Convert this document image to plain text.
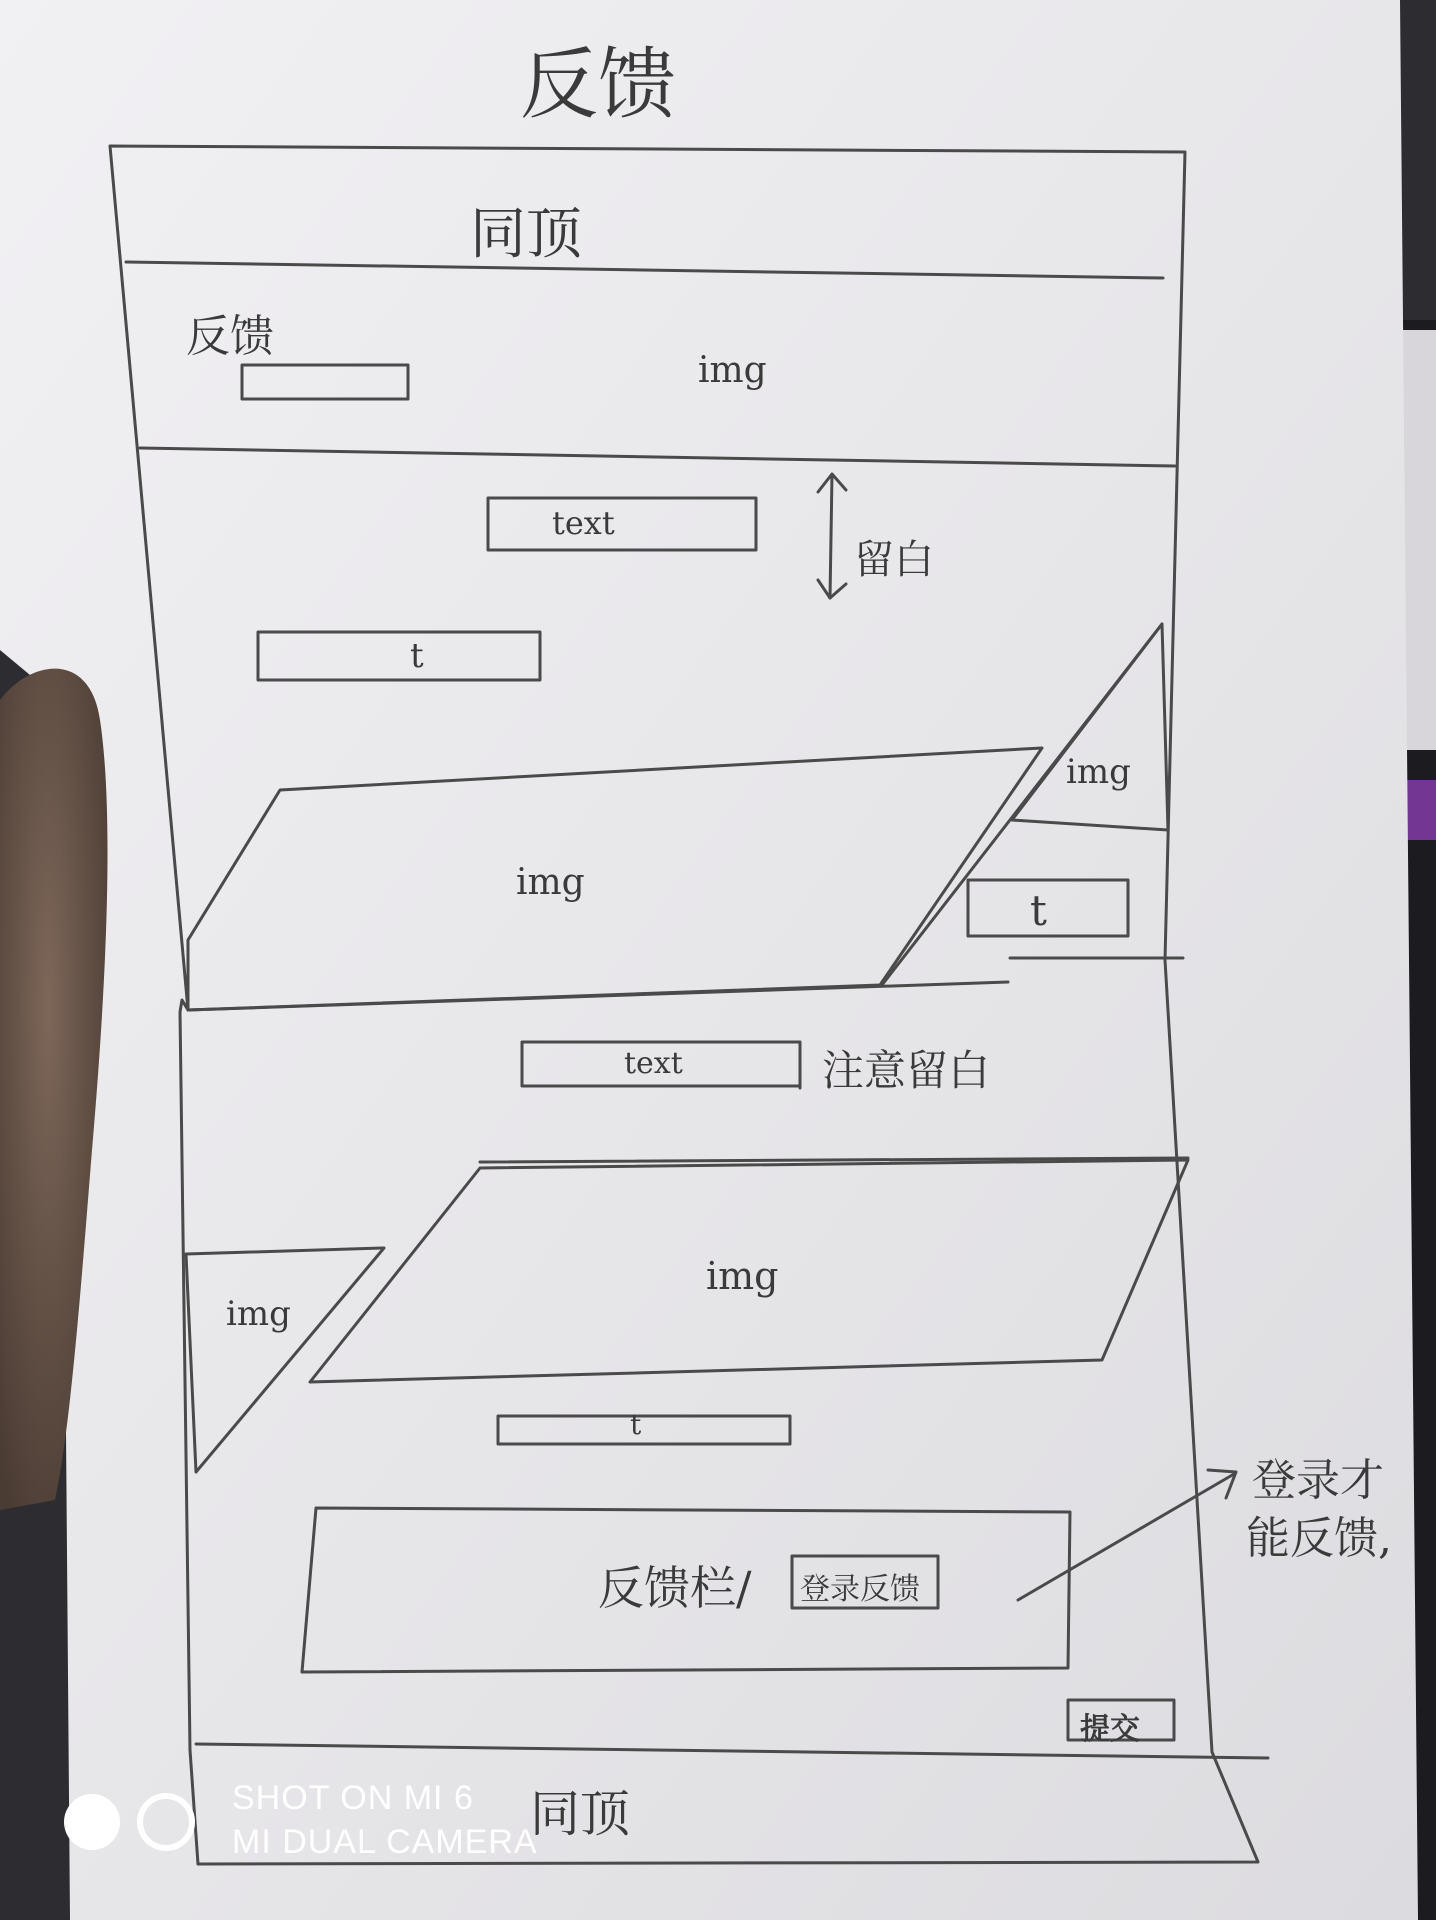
反馈
同顶
反馈
img
text
留白
t
img
img
t
text	注意留白
img
img
t
登录才
能反馈,
反馈栏/ 登录反馈
提交
同顶
SHOT ON MI 6
MI DUAL CAMERA
